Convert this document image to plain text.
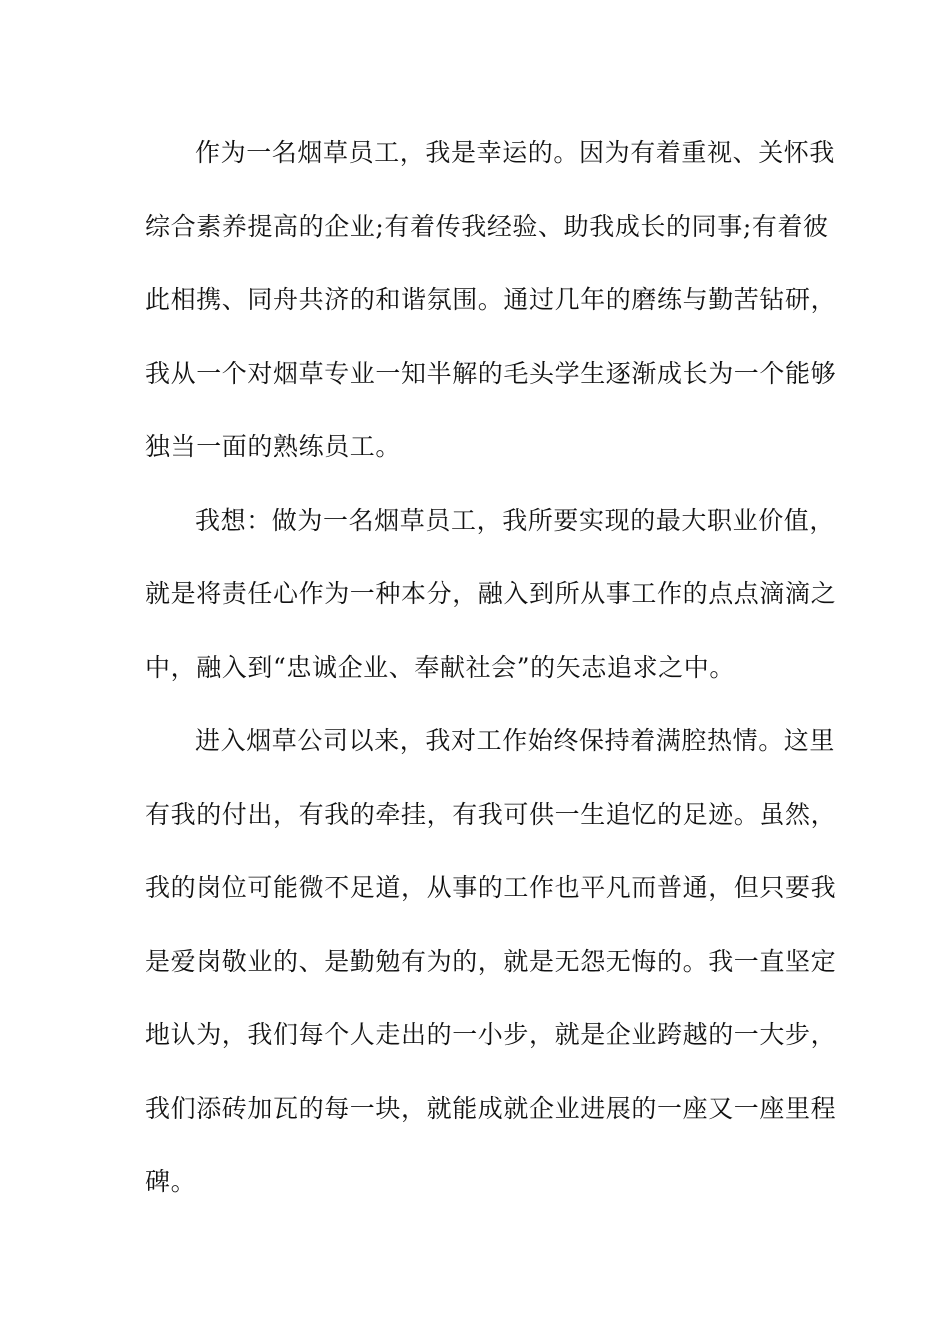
作为一名烟草员工，我是幸运的。因为有着重视、关怀我
综合素养提高的企业;有着传我经验、助我成长的同事;有着彼
此相携、同舟共济的和谐氛围。通过几年的磨练与勤苦钻研，
我从一个对烟草专业一知半解的毛头学生逐渐成长为一个能够
独当一面的熟练员工。
我想：做为一名烟草员工，我所要实现的最大职业价值，
就是将责任心作为一种本分，融入到所从事工作的点点滴滴之
中，融入到“忠诚企业、奉献社会”的矢志追求之中。
进入烟草公司以来，我对工作始终保持着满腔热情。这里
有我的付出，有我的牵挂，有我可供一生追忆的足迹。虽然，
我的岗位可能微不足道，从事的工作也平凡而普通，但只要我
是爱岗敬业的、是勤勉有为的，就是无怨无悔的。我一直坚定
地认为，我们每个人走出的一小步，就是企业跨越的一大步，
我们添砖加瓦的每一块，就能成就企业进展的一座又一座里程
碑。
